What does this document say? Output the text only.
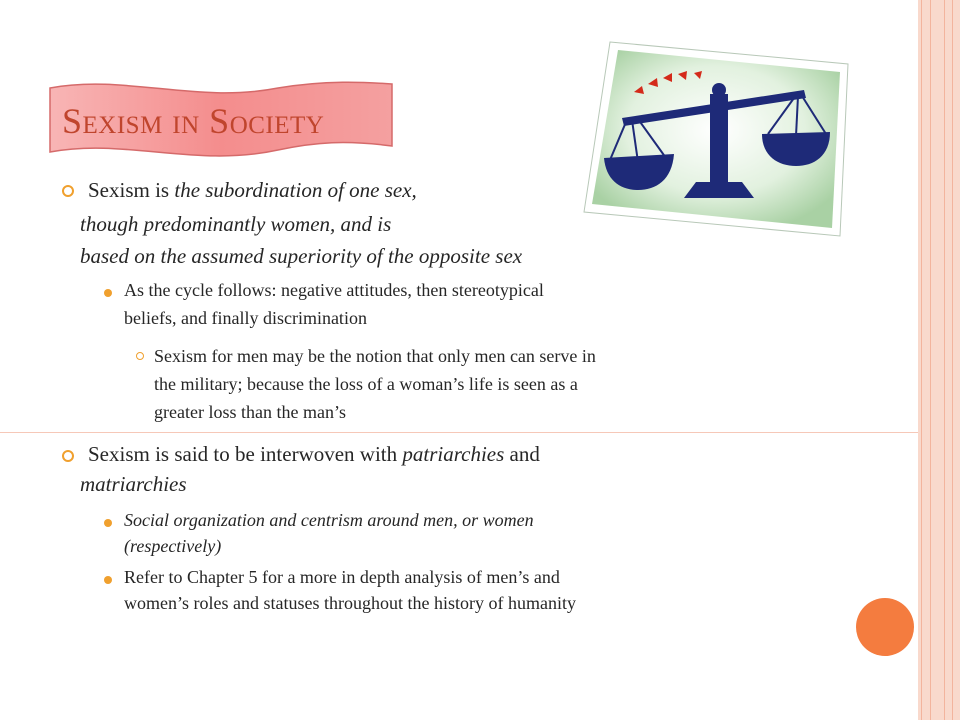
Sexism in Society
Sexism is the subordination of one sex,
though predominantly women, and is
based on the assumed superiority of the opposite sex
As the cycle follows: negative attitudes, then stereotypical
beliefs, and finally discrimination
Sexism for men may be the notion that only men can serve in
the military; because the loss of a woman’s life is seen as a
greater loss than the man’s
Sexism is said to be interwoven with patriarchies and
matriarchies
Social organization and centrism around men, or women
(respectively)
Refer to Chapter 5 for a more in depth analysis of men’s and
women’s roles and statuses throughout the history of humanity
